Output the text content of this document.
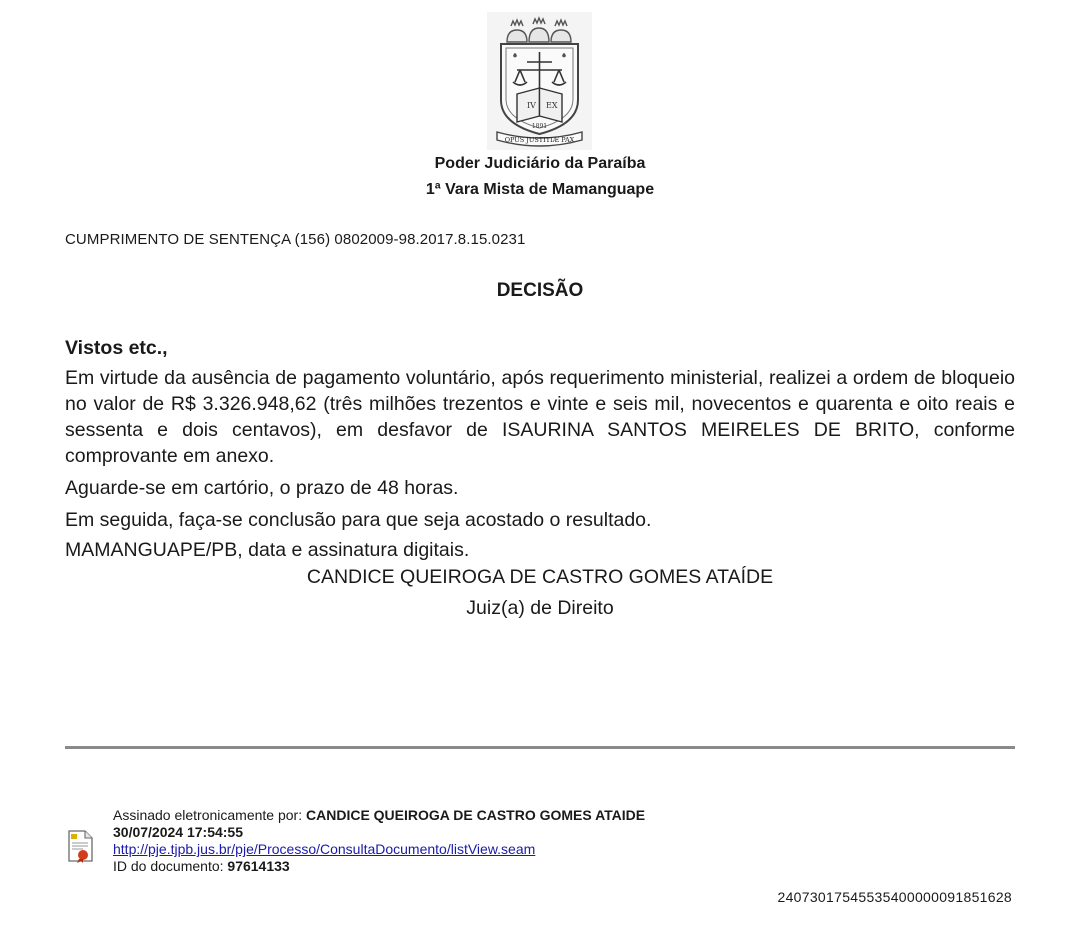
IV EX
1891
OPUS JUSTITIÆ PAX
Poder Judiciário da Paraíba
1ª Vara Mista de Mamanguape
CUMPRIMENTO DE SENTENÇA (156) 0802009-98.2017.8.15.0231
DECISÃO

Vistos etc.,

Em virtude da ausência de pagamento voluntário, após requerimento ministerial, realizei a ordem de bloqueio no valor de R$ 3.326.948,62 (três milhões trezentos e vinte e seis mil, novecentos e quarenta e oito reais e sessenta e dois centavos), em desfavor de ISAURINA SANTOS MEIRELES DE BRITO, conforme comprovante em anexo.

Aguarde-se em cartório, o prazo de 48 horas.

Em seguida, faça-se conclusão para que seja acostado o resultado.

MAMANGUAPE/PB, data e assinatura digitais.

CANDICE QUEIROGA DE CASTRO GOMES ATAÍDE
Juiz(a) de Direito
Assinado eletronicamente por: CANDICE QUEIROGA DE CASTRO GOMES ATAIDE
30/07/2024 17:54:55
http://pje.tjpb.jus.br/pje/Processo/ConsultaDocumento/listView.seam
ID do documento: 97614133
24073017545535400000091851628
